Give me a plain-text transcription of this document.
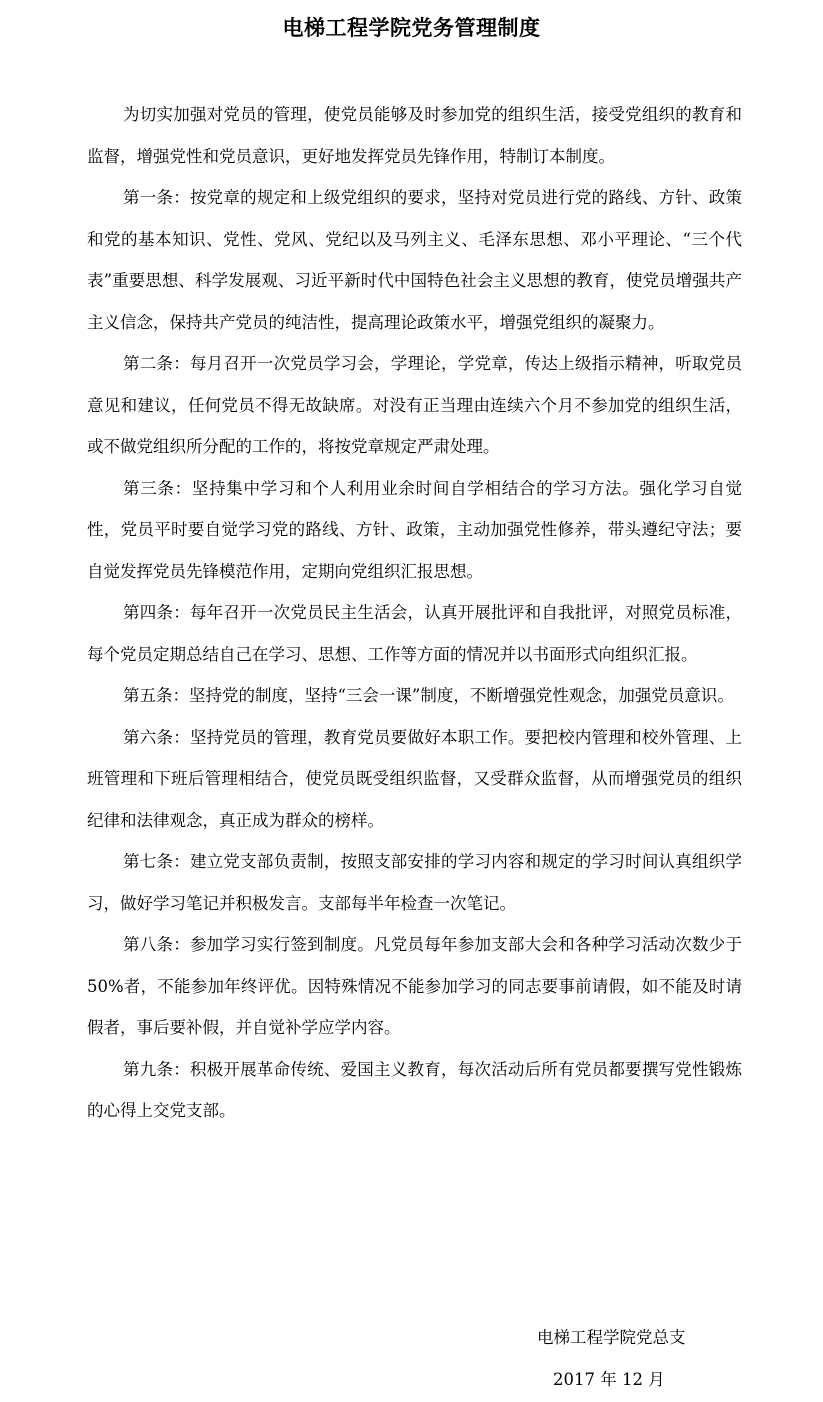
电梯工程学院党务管理制度

为切实加强对党员的管理，使党员能够及时参加党的组织生活，接受党组织的教育和监督，增强党性和党员意识，更好地发挥党员先锋作用，特制订本制度。

第一条：按党章的规定和上级党组织的要求，坚持对党员进行党的路线、方针、政策和党的基本知识、党性、党风、党纪以及马列主义、毛泽东思想、邓小平理论、“三个代表”重要思想、科学发展观、习近平新时代中国特色社会主义思想的教育，使党员增强共产主义信念，保持共产党员的纯洁性，提高理论政策水平，增强党组织的凝聚力。

第二条：每月召开一次党员学习会，学理论，学党章，传达上级指示精神，听取党员意见和建议，任何党员不得无故缺席。对没有正当理由连续六个月不参加党的组织生活，或不做党组织所分配的工作的，将按党章规定严肃处理。

第三条：坚持集中学习和个人利用业余时间自学相结合的学习方法。强化学习自觉性，党员平时要自觉学习党的路线、方针、政策，主动加强党性修养，带头遵纪守法；要自觉发挥党员先锋模范作用，定期向党组织汇报思想。

第四条：每年召开一次党员民主生活会，认真开展批评和自我批评，对照党员标准，每个党员定期总结自己在学习、思想、工作等方面的情况并以书面形式向组织汇报。

第五条：坚持党的制度，坚持“三会一课”制度，不断增强党性观念，加强党员意识。

第六条：坚持党员的管理，教育党员要做好本职工作。要把校内管理和校外管理、上班管理和下班后管理相结合，使党员既受组织监督，又受群众监督，从而增强党员的组织纪律和法律观念，真正成为群众的榜样。

第七条：建立党支部负责制，按照支部安排的学习内容和规定的学习时间认真组织学习，做好学习笔记并积极发言。支部每半年检查一次笔记。

第八条：参加学习实行签到制度。凡党员每年参加支部大会和各种学习活动次数少于 50%者，不能参加年终评优。因特殊情况不能参加学习的同志要事前请假，如不能及时请假者，事后要补假，并自觉补学应学内容。

第九条：积极开展革命传统、爱国主义教育，每次活动后所有党员都要撰写党性锻炼的心得上交党支部。

电梯工程学院党总支
2017 年 12 月
